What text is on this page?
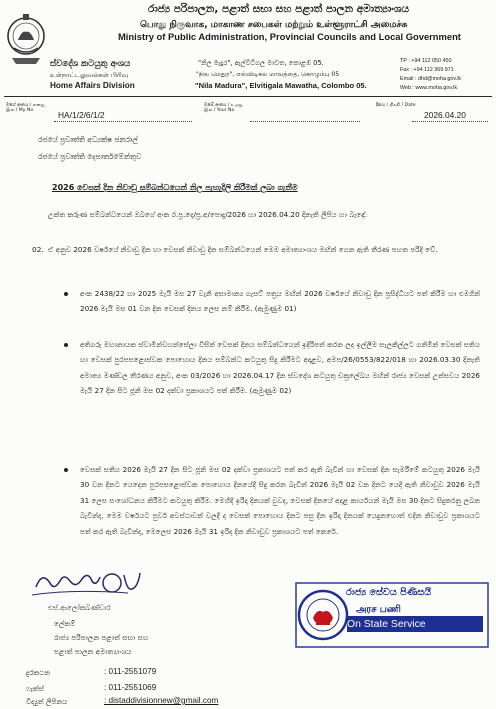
රාජ්‍ය පරිපාලන, පළාත් සභා සහ පළාත් පාලන අමාත්‍යාංශය
பொது நிருவாக, மாகாண சபைகள் மற்றும் உள்ளூராட்சி அமைச்சு
Ministry of Public Administration, Provincial Councils and Local Government
ස්වදේශ කටයුතු අංශය
உள்நாட்டலுவல்கள் பிரிவு
Home Affairs Division
"නිල මැදුර", ඇල්විටිගල මාවත, කොළඹ 05.
"நில மெதுர", எல்விடிகல மாவத்தை, கொழும்பு 05
"Nila Madura", Elvitigala Mawatha, Colombo 05.
TP : +94 112 050 450
Fax : +94 112 369 971
Email : dhd@moha.gov.lk
Web : www.moha.gov.lk
මගේ අංකය / எனது இல / My No	HA/1/2/6/1/2
ඔබේ අංකය / உமது இல / Your No
දිනය / திகதி / Date
2026.04.20
රජයේ ප්‍රවෘත්ති අධ්‍යක්ෂ ජනරාල්
රජයේ ප්‍රවෘත්ති දෙපාර්තමේන්තුව
2026 වෙසක් දින නිවාඩු සම්බන්ධයෙන් නිල පැහැදිලි කිරීමක් ලබා ගැනීම
උක්ත කරුණ සම්බන්ධයෙන් ඔබගේ අංක ර.ප්‍ර.දෙ/ප්‍ර.අ/පොදු/2026 හා 2026.04.20 දිනැති ලිපිය හා බැඳේ.
02. ඒ අනුව 2026 වර්ෂයේ නිවාඩු දින හා වෙසක් නිවාඩු දින සම්බන්ධයෙන් මෙම අමාත්‍යාංශය මඟින් ගෙන ඇති තීරණ පහත පරිදි වේ.
අංක 2438/22 හා 2025 මැයි මස 27 වැනි අසාමාන්‍ය ගැසට් පත්‍රය මඟින් 2026 වර්ෂයේ නිවාඩු දින ප්‍රසිද්ධියට පත් කිරීම හා එමගින් 2026 මැයි මස 01 වන දින වෙසක් දිනය ලෙස නම් කිරීම. (ඇමුණුම 01)
අතිගරු මහානායක ස්වාමීන්වහන්සේලා විසින් වෙසක් දිනය සම්බන්ධයෙන් ඉදිරිපත් කරන ලද ඉල්ලීම සැලකිල්ලට ගනිමින් වෙසක් සතිය හා වෙසක් පුරපසළොස්වක පොහොය දිනය සම්බන්ධ කටයුතු සිදු කිරීමට අදාළව, අමප/26/0553/822/018 හා 2026.03.30 දිනැති අමාත්‍ය මණ්ඩල තීරණය අනුව, අංක 03/2026 හා 2026.04.17 දින ස්වදේශ කටයුතු චක්‍රලේඛය මඟින් රාජ්‍ය වෙසක් උත්සවය 2026 මැයි 27 දින සිට ජූනි මස 02 දක්වා ප්‍රකාශයට පත් කිරීම. (ඇමුණුම 02)
වෙසක් සතිය 2026 මැයි 27 දින සිට ජූනි මස 02 දක්වා ප්‍රකාශයට පත් කර ඇති බැවින් හා වෙසක් දින සැමරීමේ කටයුතු 2026 මැයි 30 වන දිනට යෙදෙන පුරපසළොස්වක පොහොය දිනයේදී සිදු කරන බැවින් 2026 මැයි 02 වන දිනට යෙදී ඇති නිවාඩුව 2026 මැයි 31 ලෙස සංශෝධනය කිරීමට කටයුතු කිරීම. මෙහිදී ඉරිදා දිනයක් වුවද, වෙසක් දිනයේ අදාළ කාර්යයන් මැයි මස 30 දිනට සිදුකරනු ලබන බැවින්ද, මෙම වර්ෂයට පුර්ව අවස්ථාවන් වලදී ද වෙසක් පොහොය දිනට පසු දින ඉරිදා දිනයක් යෙදුනහොත් එදින නිවාඩුව ප්‍රකාශයට පත් කර ඇති බැවින්ද, මෙලෙස 2026 මැයි 31 ඉරිදා දින නිවාඩුව ප්‍රකාශයට පත් කෙරේ.
එස්.ආලෝකබණ්ඩාර
ලේකම්
රාජ්‍ය පරිපාලන පළාත් සභා සහ
පළාත් පාලන අමාත්‍යාංශය
රාජ්‍ය සේවය පිණිසයි
அரச பணி
On State Service
දුරකථන	: 011-2551079
ෆැක්ස්	: 011-2551069
විද්‍යුත් ලිපිනය	: distaddivisionnew@gmail.com
